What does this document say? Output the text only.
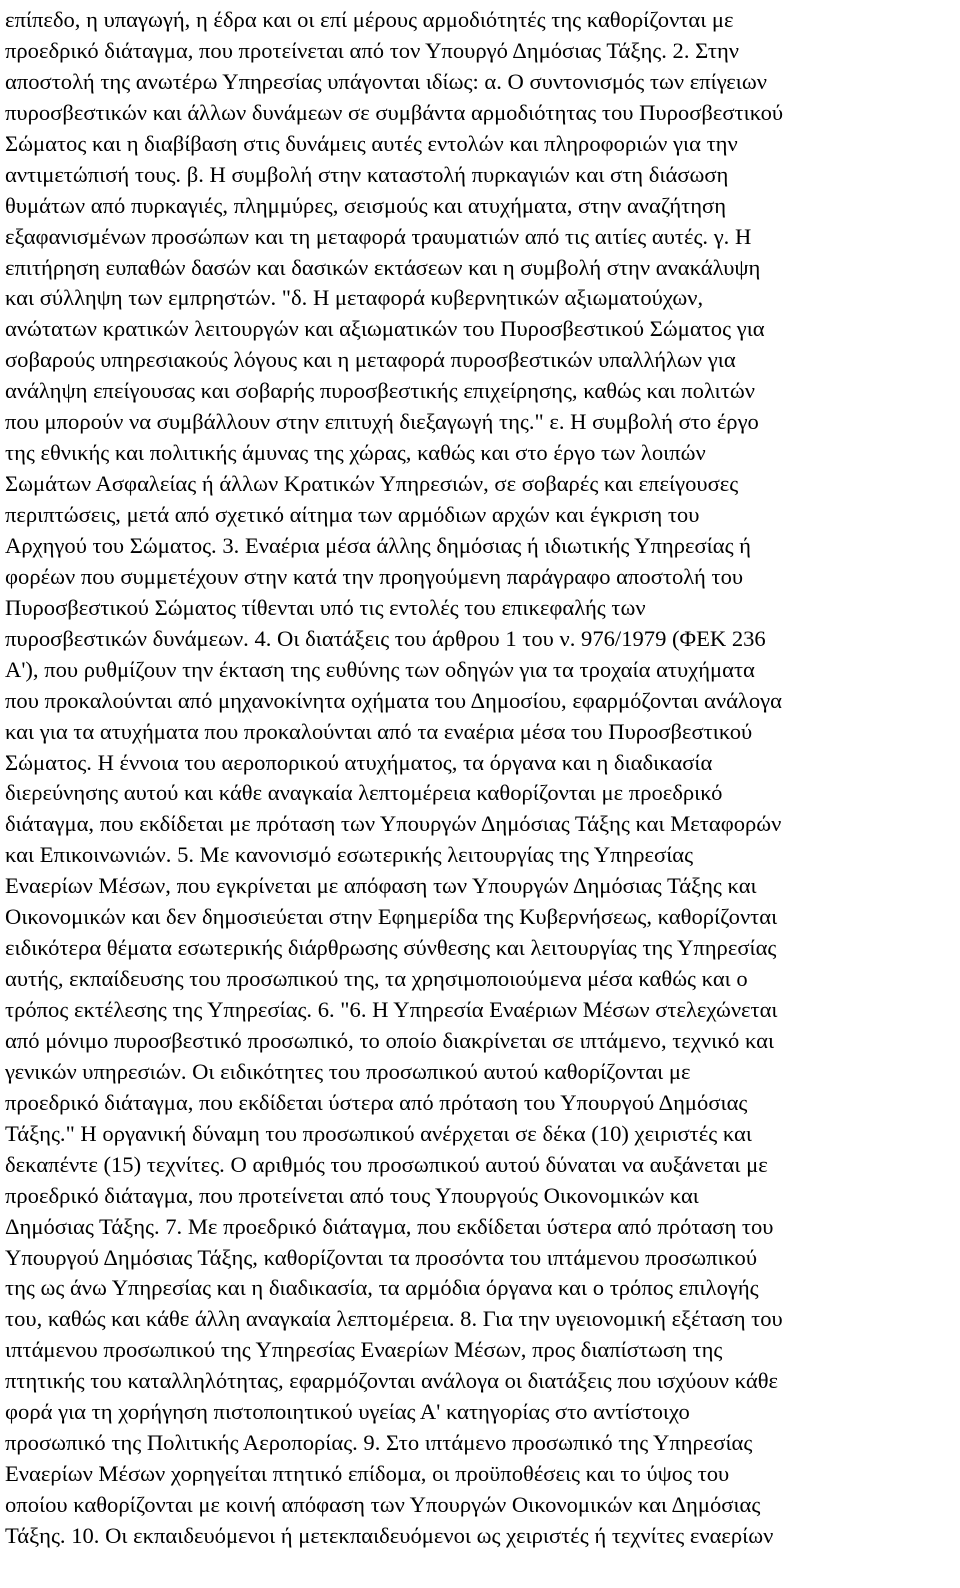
επίπεδο, η υπαγωγή, η έδρα και οι επί μέρους αρμοδιότητές της καθορίζονται με
προεδρικό διάταγμα, που προτείνεται από τον Υπουργό Δημόσιας Τάξης. 2. Στην
αποστολή της ανωτέρω Υπηρεσίας υπάγονται ιδίως: α. Ο συντονισμός των επίγειων
πυροσβεστικών και άλλων δυνάμεων σε συμβάντα αρμοδιότητας του Πυροσβεστικού
Σώματος και η διαβίβαση στις δυνάμεις αυτές εντολών και πληροφοριών για την
αντιμετώπισή τους. β. Η συμβολή στην καταστολή πυρκαγιών και στη διάσωση
θυμάτων από πυρκαγιές, πλημμύρες, σεισμούς και ατυχήματα, στην αναζήτηση
εξαφανισμένων προσώπων και τη μεταφορά τραυματιών από τις αιτίες αυτές. γ. Η
επιτήρηση ευπαθών δασών και δασικών εκτάσεων και η συμβολή στην ανακάλυψη
και σύλληψη των εμπρηστών. "δ. Η μεταφορά κυβερνητικών αξιωματούχων,
ανώτατων κρατικών λειτουργών και αξιωματικών του Πυροσβεστικού Σώματος για
σοβαρούς υπηρεσιακούς λόγους και η μεταφορά πυροσβεστικών υπαλλήλων για
ανάληψη επείγουσας και σοβαρής πυροσβεστικής επιχείρησης, καθώς και πολιτών
που μπορούν να συμβάλλουν στην επιτυχή διεξαγωγή της." ε. Η συμβολή στο έργο
της εθνικής και πολιτικής άμυνας της χώρας, καθώς και στο έργο των λοιπών
Σωμάτων Ασφαλείας ή άλλων Κρατικών Υπηρεσιών, σε σοβαρές και επείγουσες
περιπτώσεις, μετά από σχετικό αίτημα των αρμόδιων αρχών και έγκριση του
Αρχηγού του Σώματος. 3. Εναέρια μέσα άλλης δημόσιας ή ιδιωτικής Υπηρεσίας ή
φορέων που συμμετέχουν στην κατά την προηγούμενη παράγραφο αποστολή του
Πυροσβεστικού Σώματος τίθενται υπό τις εντολές του επικεφαλής των
πυροσβεστικών δυνάμεων. 4. Οι διατάξεις του άρθρου 1 του ν. 976/1979 (ΦΕΚ 236
Α'), που ρυθμίζουν την έκταση της ευθύνης των οδηγών για τα τροχαία ατυχήματα
που προκαλούνται από μηχανοκίνητα οχήματα του Δημοσίου, εφαρμόζονται ανάλογα
και για τα ατυχήματα που προκαλούνται από τα εναέρια μέσα του Πυροσβεστικού
Σώματος. Η έννοια του αεροπορικού ατυχήματος, τα όργανα και η διαδικασία
διερεύνησης αυτού και κάθε αναγκαία λεπτομέρεια καθορίζονται με προεδρικό
διάταγμα, που εκδίδεται με πρόταση των Υπουργών Δημόσιας Τάξης και Μεταφορών
και Επικοινωνιών. 5. Με κανονισμό εσωτερικής λειτουργίας της Υπηρεσίας
Εναερίων Μέσων, που εγκρίνεται με απόφαση των Υπουργών Δημόσιας Τάξης και
Οικονομικών και δεν δημοσιεύεται στην Εφημερίδα της Κυβερνήσεως, καθορίζονται
ειδικότερα θέματα εσωτερικής διάρθρωσης σύνθεσης και λειτουργίας της Υπηρεσίας
αυτής, εκπαίδευσης του προσωπικού της, τα χρησιμοποιούμενα μέσα καθώς και ο
τρόπος εκτέλεσης της Υπηρεσίας. 6. "6. Η Υπηρεσία Εναέριων Μέσων στελεχώνεται
από μόνιμο πυροσβεστικό προσωπικό, το οποίο διακρίνεται σε ιπτάμενο, τεχνικό και
γενικών υπηρεσιών. Οι ειδικότητες του προσωπικού αυτού καθορίζονται με
προεδρικό διάταγμα, που εκδίδεται ύστερα από πρόταση του Υπουργού Δημόσιας
Τάξης." Η οργανική δύναμη του προσωπικού ανέρχεται σε δέκα (10) χειριστές και
δεκαπέντε (15) τεχνίτες. Ο αριθμός του προσωπικού αυτού δύναται να αυξάνεται με
προεδρικό διάταγμα, που προτείνεται από τους Υπουργούς Οικονομικών και
Δημόσιας Τάξης. 7. Με προεδρικό διάταγμα, που εκδίδεται ύστερα από πρόταση του
Υπουργού Δημόσιας Τάξης, καθορίζονται τα προσόντα του ιπτάμενου προσωπικού
της ως άνω Υπηρεσίας και η διαδικασία, τα αρμόδια όργανα και ο τρόπος επιλογής
του, καθώς και κάθε άλλη αναγκαία λεπτομέρεια. 8. Για την υγειονομική εξέταση του
ιπτάμενου προσωπικού της Υπηρεσίας Εναερίων Μέσων, προς διαπίστωση της
πτητικής του καταλληλότητας, εφαρμόζονται ανάλογα οι διατάξεις που ισχύουν κάθε
φορά για τη χορήγηση πιστοποιητικού υγείας Α' κατηγορίας στο αντίστοιχο
προσωπικό της Πολιτικής Αεροπορίας. 9. Στο ιπτάμενο προσωπικό της Υπηρεσίας
Εναερίων Μέσων χορηγείται πτητικό επίδομα, οι προϋποθέσεις και το ύψος του
οποίου καθορίζονται με κοινή απόφαση των Υπουργών Οικονομικών και Δημόσιας
Τάξης. 10. Οι εκπαιδευόμενοι ή μετεκπαιδευόμενοι ως χειριστές ή τεχνίτες εναερίων
